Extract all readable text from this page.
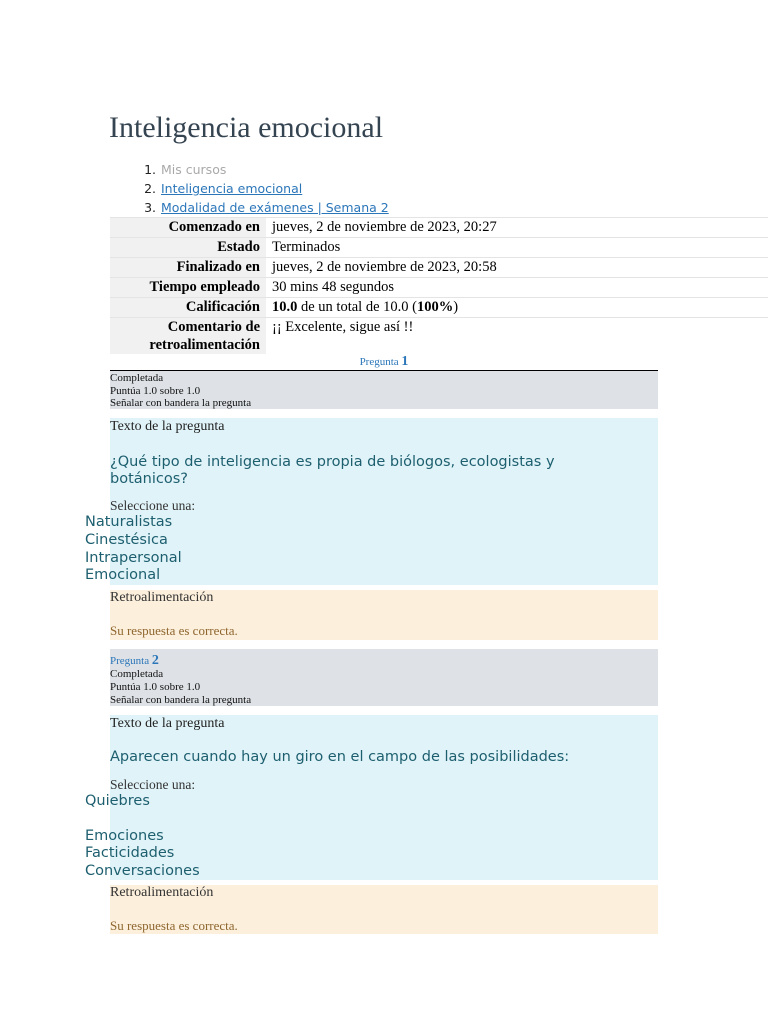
Inteligencia emocional
1. Mis cursos
2. Inteligencia emocional
3. Modalidad de exámenes | Semana 2
Comenzado en	jueves, 2 de noviembre de 2023, 20:27
Estado	Terminados
Finalizado en	jueves, 2 de noviembre de 2023, 20:58
Tiempo empleado	30 mins 48 segundos
Calificación	10.0 de un total de 10.0 (100%)
Comentario de
retroalimentación	¡¡ Excelente, sigue así !!
Pregunta 1
Completada
Puntúa 1.0 sobre 1.0
Señalar con bandera la pregunta
Texto de la pregunta
¿Qué tipo de inteligencia es propia de biólogos, ecologistas y botánicos?
Seleccione una:
Naturalistas
Cinestésica
Intrapersonal
Emocional
Retroalimentación
Su respuesta es correcta.
Pregunta 2
Completada
Puntúa 1.0 sobre 1.0
Señalar con bandera la pregunta
Texto de la pregunta
Aparecen cuando hay un giro en el campo de las posibilidades:
Seleccione una:
Quiebres
Emociones
Facticidades
Conversaciones
Retroalimentación
Su respuesta es correcta.
